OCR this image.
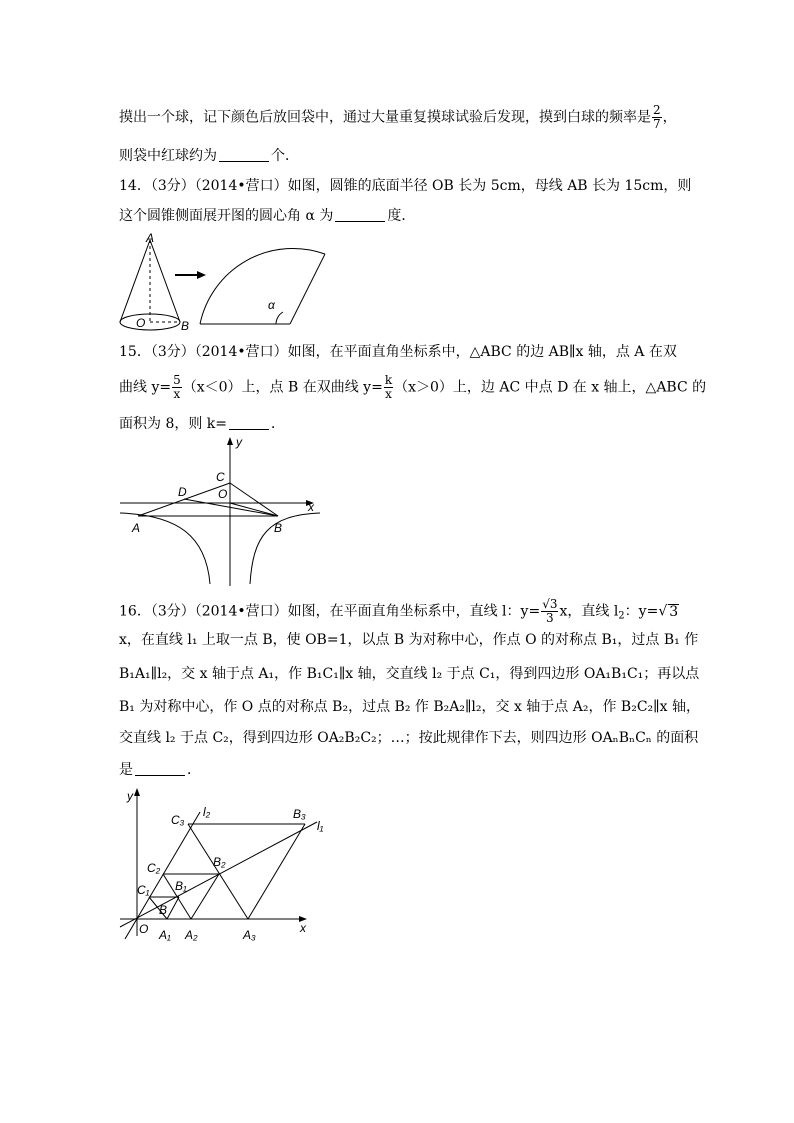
摸出一个球，记下颜色后放回袋中，通过大量重复摸球试验后发现，摸到白球的频率是 $\frac{2}{7}$ ，
则袋中红球约为	个．
14．（3分）（2014•营口）如图，圆锥的底面半径 OB 长为 5cm，母线 AB 长为 15cm，则
这个圆锥侧面展开图的圆心角 α 为	度．
A
O	B
α
15．（3分）（2014•营口）如图，在平面直角坐标系中，△ABC 的边 AB∥x 轴，点 A 在双
曲线 $y= \frac{5}{x} (x<0)$上，点 B 在双曲线 $y= \frac{k}{x} (x>0)$上，边 AC 中点 D 在 x 轴上，△ABC 的
面积为 8，则 k=	．
y
x
C
D	O
A	B
16．（3分）（2014•营口）如图，在平面直角坐标系中，直线 l：$y= \frac{√3}{3}$ x，直线 $l_2$：y=√ 3
x，在直线 l₁ 上取一点 B，使 OB=1，以点 B 为对称中心，作点 O 的对称点 B₁，过点 B₁ 作
B₁A₁∥l₂，交 x 轴于点 A₁，作 B₁C₁∥x 轴，交直线 l₂ 于点 C₁，得到四边形 OA₁B₁C₁；再以点
B₁ 为对称中心，作 O 点的对称点 B₂，过点 B₂ 作 B₂A₂∥l₂，交 x 轴于点 A₂，作 B₂C₂∥x 轴，
交直线 l₂ 于点 C₂，得到四边形 OA₂B₂C₂；…；按此规律作下去，则四边形 OAₙBₙCₙ 的面积
是	．
y
x
O
C₃
l₂	B₃
l₁
B₂
C₂
C₁ B₁
B
A₁ A₂	A₃
